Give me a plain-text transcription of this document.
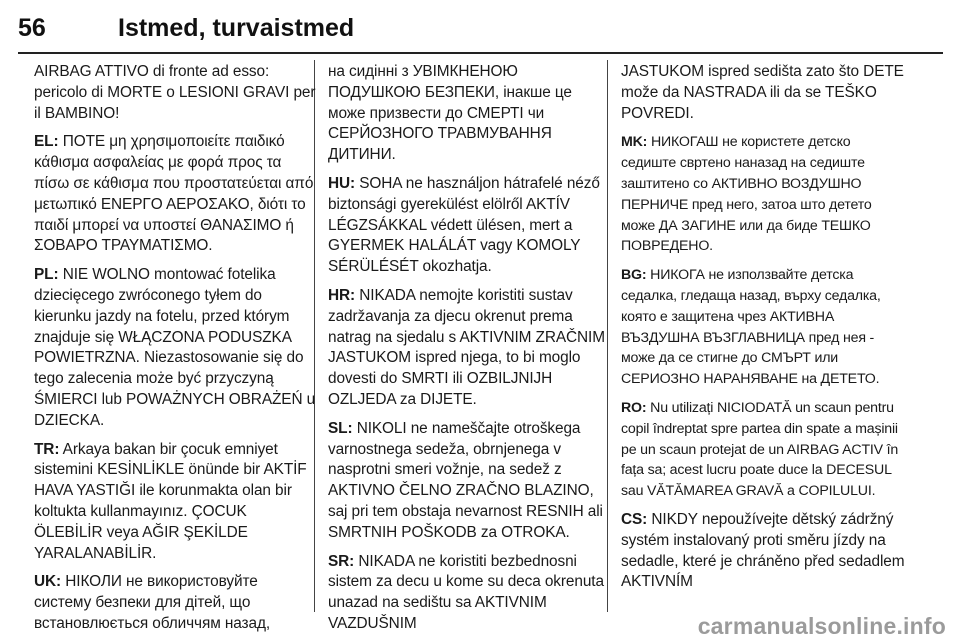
56	Istmed, turvaistmed

AIRBAG ATTIVO di fronte ad esso: pericolo di MORTE o LESIONI GRAVI per il BAMBINO!

EL: ΠΟΤΕ μη χρησιμοποιείτε παιδικό κάθισμα ασφαλείας με φορά προς τα πίσω σε κάθισμα που προστατεύεται από μετωπικό ΕΝΕΡΓΟ ΑΕΡΟΣΑΚΟ, διότι το παιδί μπορεί να υποστεί ΘΑΝΑΣΙΜΟ ή ΣΟΒΑΡΟ ΤΡΑΥΜΑΤΙΣΜΟ.

PL: NIE WOLNO montować fotelika dziecięcego zwróconego tyłem do kierunku jazdy na fotelu, przed którym znajduje się WŁĄCZONA PODUSZKA POWIETRZNA. Niezastosowanie się do tego zalecenia może być przyczyną ŚMIERCI lub POWAŻNYCH OBRAŻEŃ u DZIECKA.

TR: Arkaya bakan bir çocuk emniyet sistemini KESİNLİKLE önünde bir AKTİF HAVA YASTIĞI ile korunmakta olan bir koltukta kullanmayınız. ÇOCUK ÖLEBİLİR veya AĞIR ŞEKİLDE YARALANABİLİR.

UK: НІКОЛИ не використовуйте систему безпеки для дітей, що встановлюється обличчям назад,

на сидінні з УВІМКНЕНОЮ ПОДУШКОЮ БЕЗПЕКИ, інакше це може призвести до СМЕРТІ чи СЕРЙОЗНОГО ТРАВМУВАННЯ ДИТИНИ.

HU: SOHA ne használjon hátrafelé néző biztonsági gyerekülést elölről AKTÍV LÉGZSÁKKAL védett ülésen, mert a GYERMEK HALÁLÁT vagy KOMOLY SÉRÜLÉSÉT okozhatja.

HR: NIKADA nemojte koristiti sustav zadržavanja za djecu okrenut prema natrag na sjedalu s AKTIVNIM ZRAČNIM JASTUKOM ispred njega, to bi moglo dovesti do SMRTI ili OZBILJNIJH OZLJEDA za DIJETE.

SL: NIKOLI ne nameščajte otroškega varnostnega sedeža, obrnjenega v nasprotni smeri vožnje, na sedež z AKTIVNO ČELNO ZRAČNO BLAZINO, saj pri tem obstaja nevarnost RESNIH ali SMRTNIH POŠKODB za OTROKA.

SR: NIKADA ne koristiti bezbednosni sistem za decu u kome su deca okrenuta unazad na sedištu sa AKTIVNIM VAZDUŠNIM

JASTUKOM ispred sedišta zato što DETE može da NASTRADA ili da se TEŠKO POVREDI.

MK: НИКОГАШ не користете детско седиште свртено наназад на седиште заштитено со АКТИВНО ВОЗДУШНО ПЕРНИЧЕ пред него, затоа што детето може ДА ЗАГИНЕ или да биде ТЕШКО ПОВРЕДЕНО.

BG: НИКОГА не използвайте детска седалка, гледаща назад, върху седалка, която е защитена чрез АКТИВНА ВЪЗДУШНА ВЪЗГЛАВНИЦА пред нея - може да се стигне до СМЪРТ или СЕРИОЗНО НАРАНЯВАНЕ на ДЕТЕТО.

RO: Nu utilizați NICIODATĂ un scaun pentru copil îndreptat spre partea din spate a mașinii pe un scaun protejat de un AIRBAG ACTIV în fața sa; acest lucru poate duce la DECESUL sau VĂTĂMAREA GRAVĂ a COPILULUI.

CS: NIKDY nepoužívejte dětský zádržný systém instalovaný proti směru jízdy na sedadle, které je chráněno před sedadlem AKTIVNÍM

carmanualsonline.info
